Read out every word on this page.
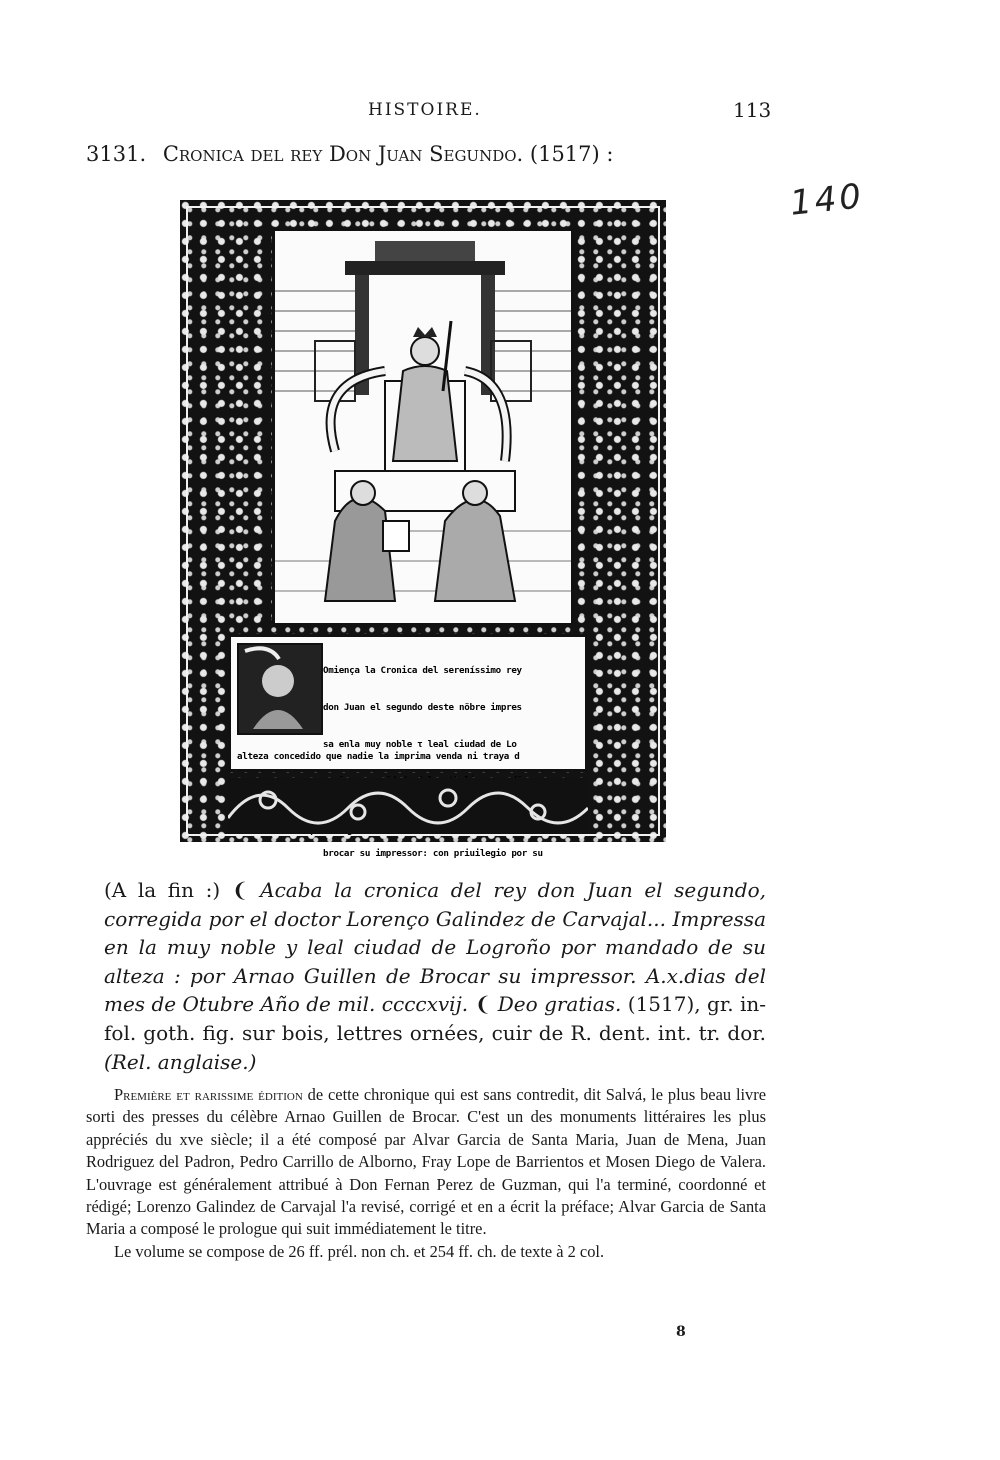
HISTOIRE.	113
140
3131. Cronica del rey Don Juan Segundo. (1517) :

Omiença la Cronica del sereníssimo rey

don Juan el segundo deste nõbre impres

sa enla muy noble τ leal ciudad de Lo

brocar su impressor: con priuilegio por su

alteza concedido que nadie la imprima venda ni traya d

(A la fin :) ❨ Acaba la cronica del rey don Juan el segundo, corregida por el doctor Lorenço Galindez de Carvajal... Impressa en la muy noble y leal ciudad de Logroño por mandado de su alteza : por Arnao Guillen de Brocar su impressor. A.x.dias del mes de Otubre Año de mil. ccccxvij. ❨ Deo gratias. (1517), gr. in-fol. goth. fig. sur bois, lettres ornées, cuir de R. dent. int. tr. dor. (Rel. anglaise.)

Première et rarissime édition de cette chronique qui est sans contredit, dit Salvá, le plus beau livre sorti des presses du célèbre Arnao Guillen de Brocar. C'est un des monuments littéraires les plus appréciés du xve siècle; il a été composé par Alvar Garcia de Santa Maria, Juan de Mena, Juan Rodriguez del Padron, Pedro Carrillo de Alborno, Fray Lope de Barrientos et Mosen Diego de Valera. L'ouvrage est généralement attribué à Don Fernan Perez de Guzman, qui l'a terminé, coordonné et rédigé; Lorenzo Galindez de Carvajal l'a revisé, corrigé et en a écrit la préface; Alvar Garcia de Santa Maria a composé le prologue qui suit immédiatement le titre.

Le volume se compose de 26 ff. prél. non ch. et 254 ff. ch. de texte à 2 col.

8
